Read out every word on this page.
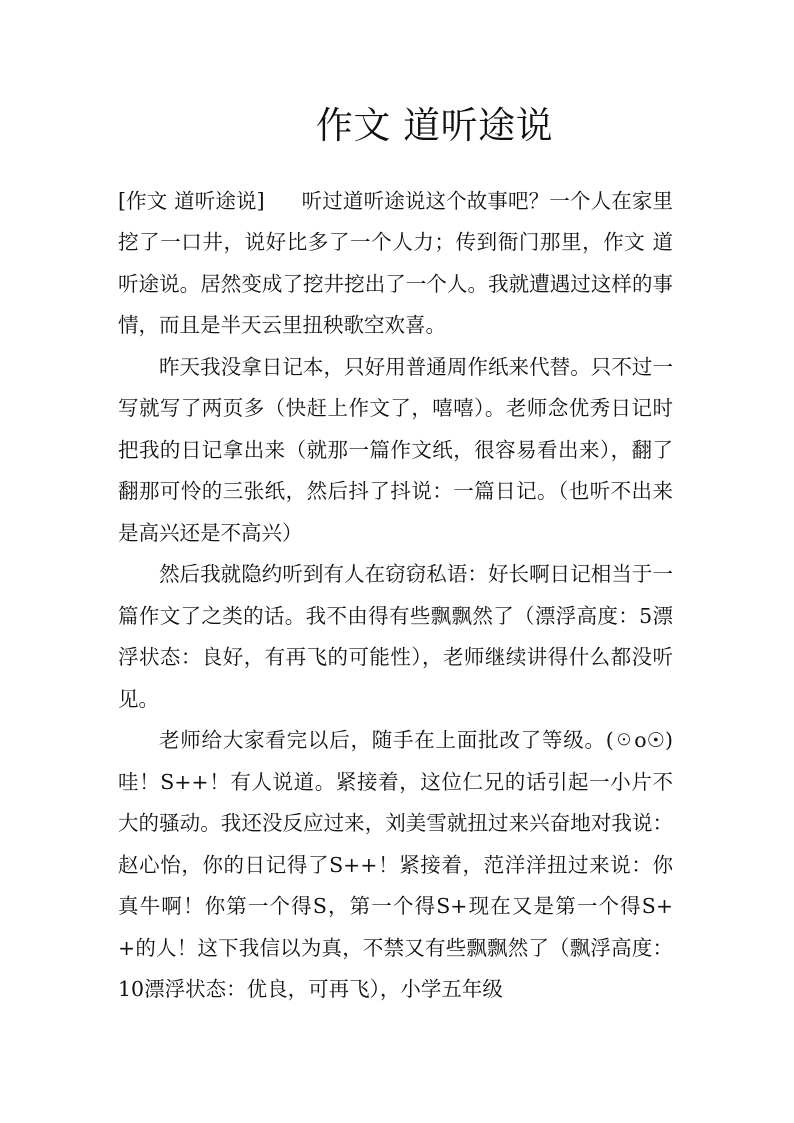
作文 道听途说

[作文 道听途说] 听过道听途说这个故事吧？一个人在家里挖了一口井，说好比多了一个人力；传到衙门那里，作文 道听途说。居然变成了挖井挖出了一个人。我就遭遇过这样的事情，而且是半天云里扭秧歌空欢喜。

昨天我没拿日记本，只好用普通周作纸来代替。只不过一写就写了两页多（快赶上作文了，嘻嘻）。老师念优秀日记时把我的日记拿出来（就那一篇作文纸，很容易看出来），翻了翻那可怜的三张纸，然后抖了抖说：一篇日记。（也听不出来是高兴还是不高兴）

然后我就隐约听到有人在窃窃私语：好长啊日记相当于一篇作文了之类的话。我不由得有些飘飘然了（漂浮高度：5漂浮状态：良好，有再飞的可能性），老师继续讲得什么都没听见。

老师给大家看完以后，随手在上面批改了等级。(☉o☉)哇！S++！有人说道。紧接着，这位仁兄的话引起一小片不大的骚动。我还没反应过来，刘美雪就扭过来兴奋地对我说：赵心怡，你的日记得了S++！紧接着，范洋洋扭过来说：你真牛啊！你第一个得S，第一个得S+现在又是第一个得S++的人！这下我信以为真，不禁又有些飘飘然了（飘浮高度：10漂浮状态：优良，可再飞），小学五年级
